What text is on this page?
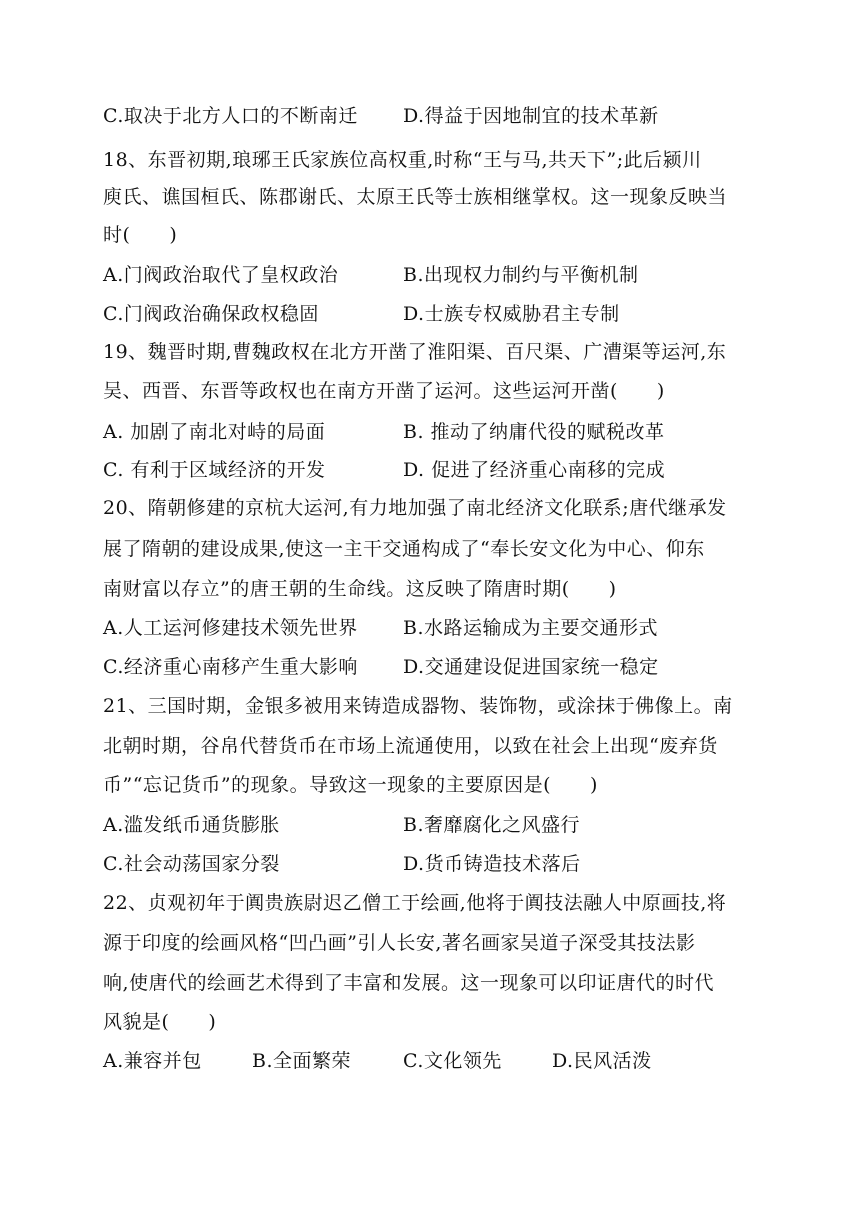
C.取决于北方人口的不断南迁 D.得益于因地制宜的技术革新
18、东晋初期,琅琊王氏家族位高权重,时称“王与马,共天下”;此后颍川
庾氏、谯国桓氏、陈郡谢氏、太原王氏等士族相继掌权。这一现象反映当
时(　　)
A.门阀政治取代了皇权政治	B.出现权力制约与平衡机制
C.门阀政治确保政权稳固	D.士族专权威胁君主专制
19、魏晋时期,曹魏政权在北方开凿了淮阳渠、百尺渠、广漕渠等运河,东
吴、西晋、东晋等政权也在南方开凿了运河。这些运河开凿(　　)
A. 加剧了南北对峙的局面	B. 推动了纳庸代役的赋税改革
C. 有利于区域经济的开发	D. 促进了经济重心南移的完成
20、隋朝修建的京杭大运河,有力地加强了南北经济文化联系;唐代继承发
展了隋朝的建设成果,使这一主干交通构成了“奉长安文化为中心、仰东
南财富以存立”的唐王朝的生命线。这反映了隋唐时期(　　)
A.人工运河修建技术领先世界 B.水路运输成为主要交通形式
C.经济重心南移产生重大影响 D.交通建设促进国家统一稳定
21、三国时期，金银多被用来铸造成器物、装饰物，或涂抹于佛像上。南
北朝时期，谷帛代替货币在市场上流通使用，以致在社会上出现“废弃货
币”“忘记货币”的现象。导致这一现象的主要原因是(　　)
A.滥发纸币通货膨胀	B.奢靡腐化之风盛行
C.社会动荡国家分裂	D.货币铸造技术落后
22、贞观初年于阗贵族尉迟乙僧工于绘画,他将于阗技法融人中原画技,将
源于印度的绘画风格“凹凸画”引人长安,著名画家吴道子深受其技法影
响,使唐代的绘画艺术得到了丰富和发展。这一现象可以印证唐代的时代
风貌是(　　)
A.兼容并包	B.全面繁荣	C.文化领先	D.民风活泼
